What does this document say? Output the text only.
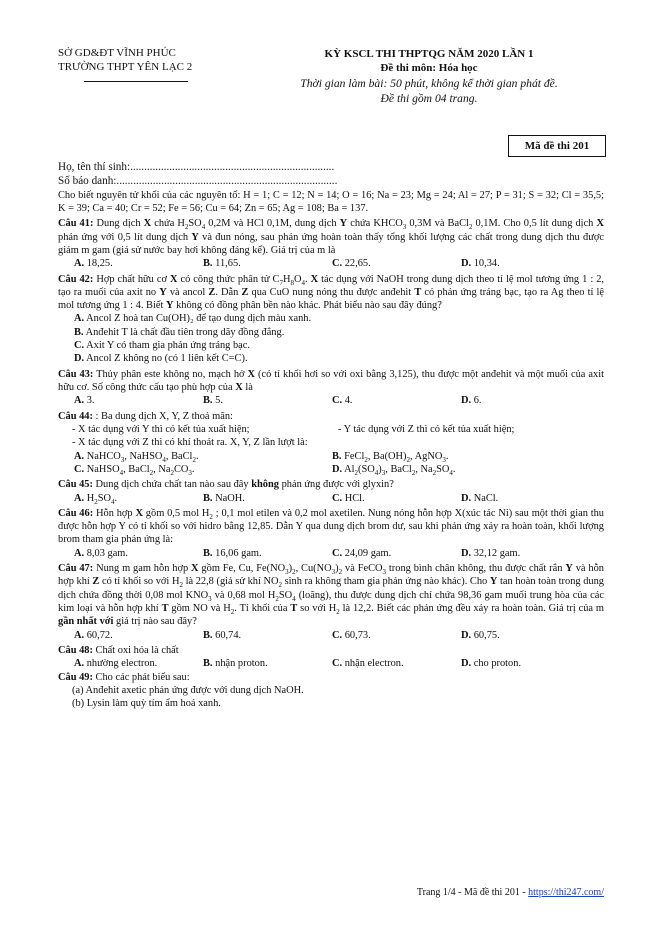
SỞ GD&ĐT VĨNH PHÚC
TRƯỜNG THPT YÊN LẠC 2
KỲ KSCL THI THPTQG NĂM 2020 LẦN 1
Đề thi môn: Hóa học
Thời gian làm bài: 50 phút, không kể thời gian phát đề.
Đề thi gồm 04 trang.
Mã đề thi 201

Họ, tên thí sinh:.........................................................................

Số báo danh:...............................................................................

Cho biết nguyên tử khối của các nguyên tố: H = 1; C = 12; N = 14; O = 16; Na = 23; Mg = 24; Al = 27; P = 31; S = 32; Cl = 35,5; K = 39; Ca = 40; Cr = 52; Fe = 56; Cu = 64; Zn = 65; Ag = 108; Ba = 137.

Câu 41: Dung dịch X chứa $H_2SO_4$ 0,2M và HCl 0,1M, dung dịch Y chứa $KHCO_3$ 0,3M và BaCl$_2$ 0,1M. Cho 0,5 lít dung dịch X phản ứng với 0,5 lít dung dịch Y và đun nóng, sau phản ứng hoàn toàn thấy tổng khối lượng các chất trong dung dịch thu được giảm m gam (giả sử nước bay hơi không đáng kể). Giá trị của m là

A. 18,25.	B. 11,65.	C. 22,65.	D. 10,34.

Câu 42: Hợp chất hữu cơ X có công thức phân tử $C_7H_8O_4$. X tác dụng với NaOH trong dung dịch theo tỉ lệ mol tương ứng 1 : 2, tạo ra muối của axit no Y và ancol Z. Dẫn Z qua CuO nung nóng thu được anđehit T có phản ứng tráng bạc, tạo ra Ag theo tỉ lệ mol tương ứng 1 : 4. Biết Y không có đồng phân bền nào khác. Phát biểu nào sau đây đúng?

A. Ancol Z hoà tan Cu(OH)₂ để tạo dung dịch màu xanh.

B. Anđehit T là chất đầu tiên trong dãy đồng đẳng.

C. Axit Y có tham gia phản ứng tráng bạc.

D. Ancol Z không no (có 1 liên kết C=C).

Câu 43: Thủy phân este không no, mạch hở X (có tỉ khối hơi so với oxi bằng 3,125), thu được một anđehit và một muối của axit hữu cơ. Số công thức cấu tạo phù hợp của X là

A. 3.	B. 5.	C. 4.	D. 6.

Câu 44: : Ba dung dịch X, Y, Z thoả mãn:

- X tác dụng với Y thì có kết tủa xuất hiện;	- Y tác dụng với Z thì có kết tủa xuất hiện;

- X tác dụng với Z thì có khí thoát ra. X, Y, Z lần lượt là:

A. NaHCO$_3$, NaHSO$_4$, BaCl$_2$.	B. FeCl$_2$, $Ba(OH)_2$, AgNO$_3$.
C. NaHSO$_4$, BaCl$_2$, $Na_2CO_3$.	D. $Al_2(SO_4)_3$, BaCl$_2$, $Na_2SO_4$.

Câu 45: Dung dịch chứa chất tan nào sau đây không phản ứng được với glyxin?

A. $H_2SO_4$.	B. NaOH.	C. HCl.	D. NaCl.

Câu 46: Hỗn hợp X gồm 0,5 mol $H_2$ ; 0,1 mol etilen và 0,2 mol axetilen. Nung nóng hỗn hợp X(xúc tác Ni) sau một thời gian thu được hỗn hợp Y có tỉ khối so với hidro bằng 12,85. Dẫn Y qua dung dịch brom dư, sau khi phản ứng xảy ra hoàn toàn, khối lượng brom tham gia phản ứng là:

A. 8,03 gam.	B. 16,06 gam.	C. 24,09 gam.	D. 32,12 gam.

Câu 47: Nung m gam hỗn hợp X gồm Fe, Cu, $Fe(NO_3)_2$, $Cu(NO_3)_2$ và FeCO$_3$ trong bình chân không, thu được chất rắn Y và hỗn hợp khí Z có tỉ khối so với $H_2$ là 22,8 (giả sử khí $NO_2$ sinh ra không tham gia phản ứng nào khác). Cho Y tan hoàn toàn trong dung dịch chứa đồng thời 0,08 mol $KNO_3$ và 0,68 mol $H_2SO_4$ (loãng), thu được dung dịch chỉ chứa 98,36 gam muối trung hòa của các kim loại và hỗn hợp khí T gồm NO và $H_2$. Tỉ khối của T so với $H_2$ là 12,2. Biết các phản ứng đều xảy ra hoàn toàn. Giá trị của m gần nhất với giá trị nào sau đây?

A. 60,72.	B. 60,74.	C. 60,73.	D. 60,75.

Câu 48: Chất oxi hóa là chất

A. nhường electron.	B. nhận proton.	C. nhận electron.	D. cho proton.

Câu 49: Cho các phát biểu sau:

(a) Anđehit axetic phản ứng được với dung dịch NaOH.

(b) Lysin làm quỳ tím ẩm hoá xanh.

Trang 1/4 - Mã đề thi 201 - https://thi247.com/
